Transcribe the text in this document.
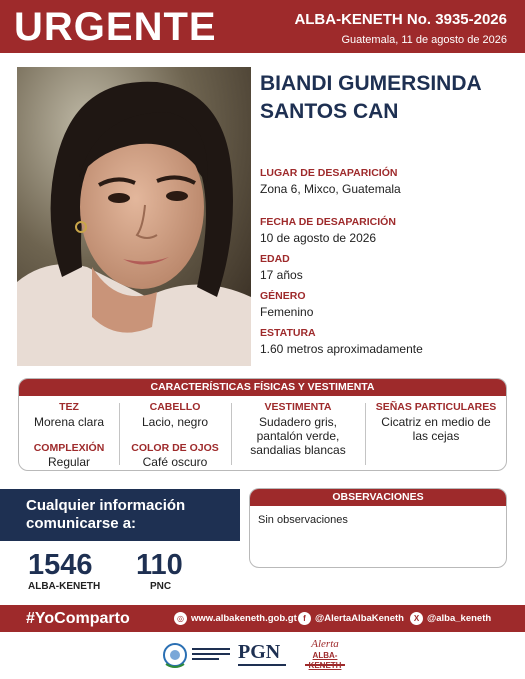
URGENTE	ALBA-KENETH No. 3935-2026
Guatemala, 11 de agosto de 2026
BIANDI GUMERSINDA
SANTOS CAN
LUGAR DE DESAPARICIÓN
Zona 6, Mixco, Guatemala
FECHA DE DESAPARICIÓN
10 de agosto de 2026
EDAD
17 años
GÉNERO
Femenino
ESTATURA
1.60 metros aproximadamente
CARACTERÍSTICAS FÍSICAS Y VESTIMENTA
TEZ
Morena clara
CABELLO
Lacio, negro
VESTIMENTA
Sudadero gris,
pantalón verde,
sandalias blancas
SEÑAS PARTICULARES
Cicatriz en medio de
las cejas
COMPLEXIÓN
Regular
COLOR DE OJOS
Café oscuro
Cualquier información
comunicarse a:
1546
ALBA-KENETH
110
PNC
OBSERVACIONES
Sin observaciones
#YoComparto	◎ www.albakeneth.gob.gt f @AlertaAlbaKeneth	X @alba_keneth
PGN	Alerta
ALBA-
